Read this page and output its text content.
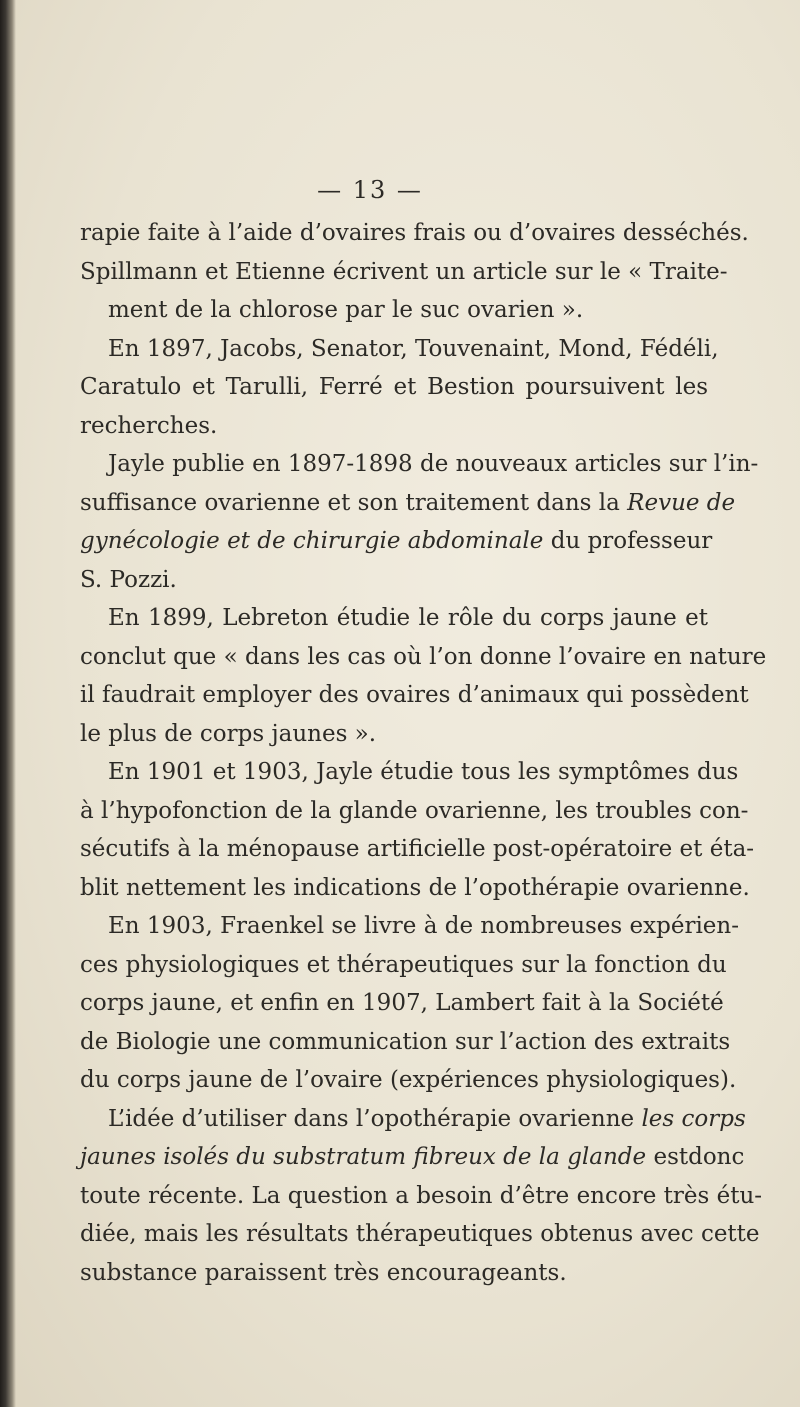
— 13 —
rapie faite à l’aide d’ovaires frais ou d’ovaires desséchés.
Spillmann et Etienne écrivent un article sur le « Traite-
ment de la chlorose par le suc ovarien ».
En 1897, Jacobs, Senator, Touvenaint, Mond, Fédéli,
Caratulo et Tarulli, Ferré et Bestion poursuivent les
recherches.
Jayle publie en 1897-1898 de nouveaux articles sur l’in-
suffisance ovarienne et son traitement dans la Revue de
gynécologie et de chirurgie abdominale du professeur
S. Pozzi.
En 1899, Lebreton étudie le rôle du corps jaune et
conclut que « dans les cas où l’on donne l’ovaire en nature
il faudrait employer des ovaires d’animaux qui possèdent
le plus de corps jaunes ».
En 1901 et 1903, Jayle étudie tous les symptômes dus
à l’hypofonction de la glande ovarienne, les troubles con-
sécutifs à la ménopause artificielle post-opératoire et éta-
blit nettement les indications de l’opothérapie ovarienne.
En 1903, Fraenkel se livre à de nombreuses expérien-
ces physiologiques et thérapeutiques sur la fonction du
corps jaune, et enfin en 1907, Lambert fait à la Société
de Biologie une communication sur l’action des extraits
du corps jaune de l’ovaire (expériences physiologiques).
L’idée d’utiliser dans l’opothérapie ovarienne les corps
jaunes isolés du substratum fibreux de la glande estdonc
toute récente. La question a besoin d’être encore très étu-
diée, mais les résultats thérapeutiques obtenus avec cette
substance paraissent très encourageants.
